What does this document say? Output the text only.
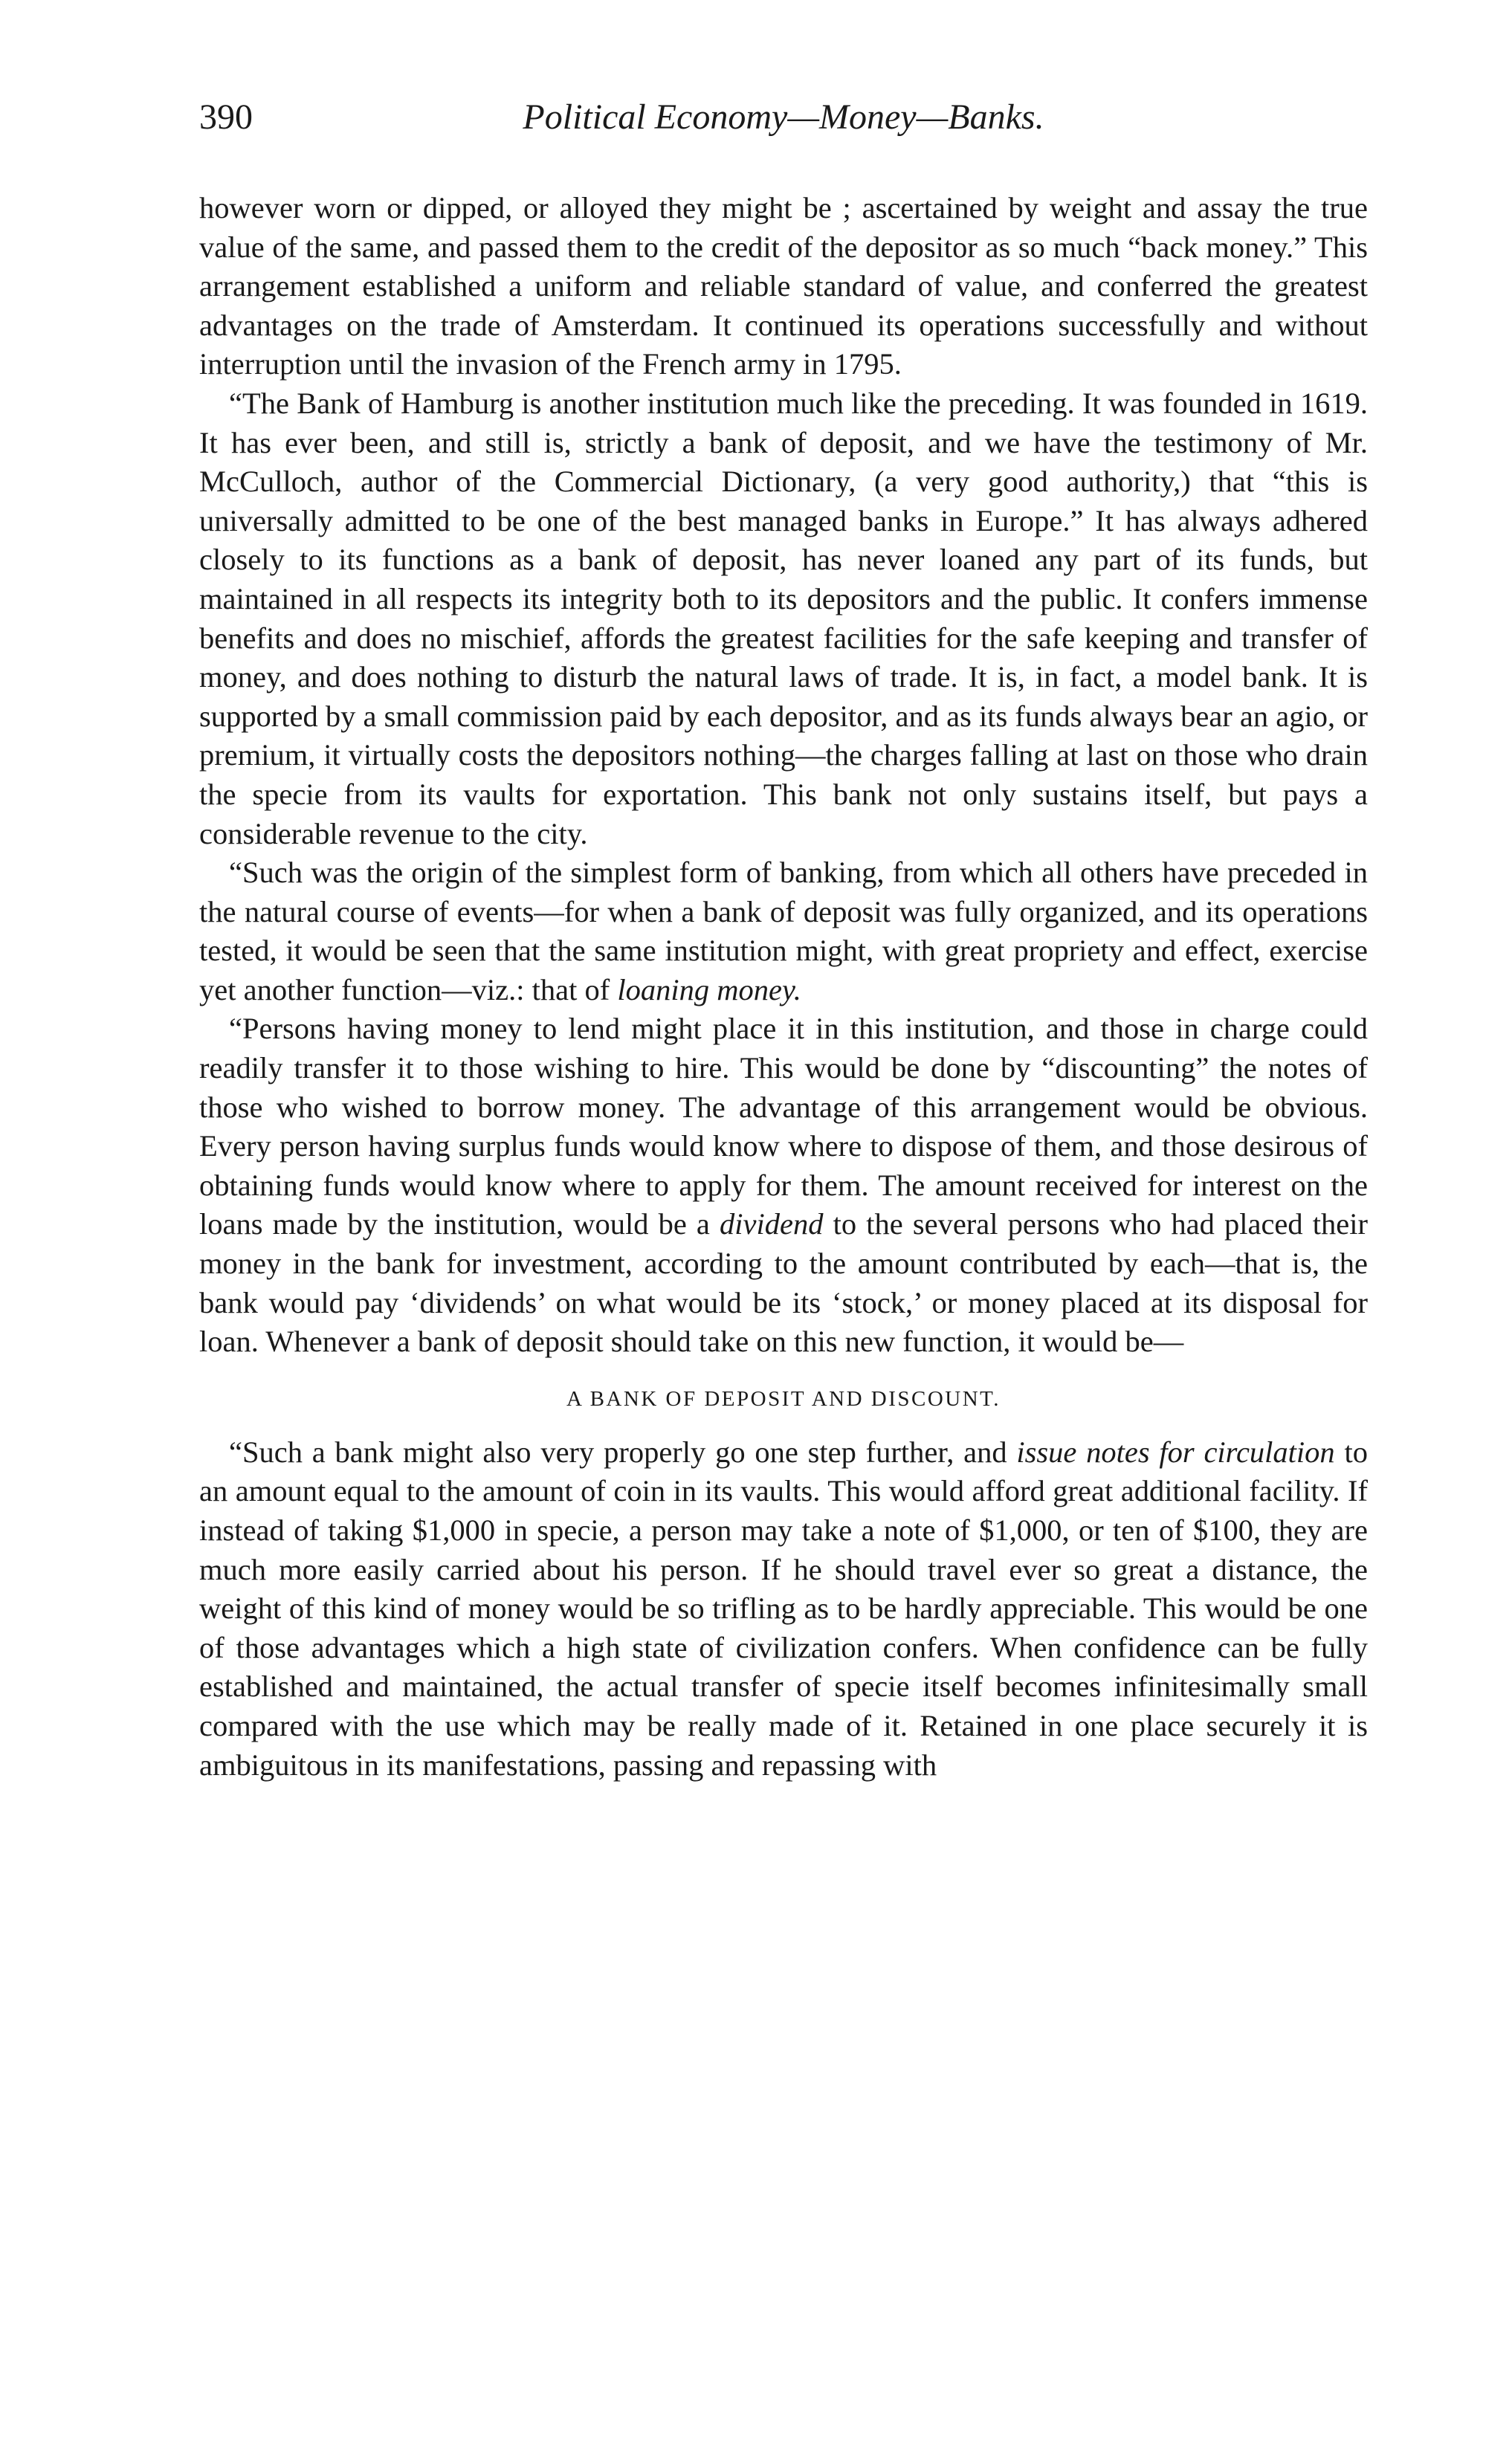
390	Political Economy—Money—Banks.

however worn or dipped, or alloyed they might be ; ascertained by weight and assay the true value of the same, and passed them to the credit of the depositor as so much “back money.” This arrangement established a uniform and reliable standard of value, and conferred the greatest advantages on the trade of Amsterdam. It continued its operations successfully and without interruption until the invasion of the French army in 1795.

“The Bank of Hamburg is another institution much like the preceding. It was founded in 1619. It has ever been, and still is, strictly a bank of deposit, and we have the testimony of Mr. McCulloch, author of the Commercial Dictionary, (a very good authority,) that “this is universally admitted to be one of the best managed banks in Europe.” It has always adhered closely to its functions as a bank of deposit, has never loaned any part of its funds, but maintained in all respects its integrity both to its depositors and the public. It confers immense benefits and does no mischief, affords the greatest facilities for the safe keeping and transfer of money, and does nothing to disturb the natural laws of trade. It is, in fact, a model bank. It is supported by a small commission paid by each depositor, and as its funds always bear an agio, or premium, it virtually costs the depositors nothing—the charges falling at last on those who drain the specie from its vaults for exportation. This bank not only sustains itself, but pays a considerable revenue to the city.

“Such was the origin of the simplest form of banking, from which all others have preceded in the natural course of events—for when a bank of deposit was fully organized, and its operations tested, it would be seen that the same institution might, with great propriety and effect, exercise yet another function—viz.: that of loaning money.

“Persons having money to lend might place it in this institution, and those in charge could readily transfer it to those wishing to hire. This would be done by “discounting” the notes of those who wished to borrow money. The advantage of this arrangement would be obvious. Every person having surplus funds would know where to dispose of them, and those desirous of obtaining funds would know where to apply for them. The amount received for interest on the loans made by the institution, would be a dividend to the several persons who had placed their money in the bank for investment, according to the amount contributed by each—that is, the bank would pay ‘dividends’ on what would be its ‘stock,’ or money placed at its disposal for loan. Whenever a bank of deposit should take on this new function, it would be—

A BANK OF DEPOSIT AND DISCOUNT.

“Such a bank might also very properly go one step further, and issue notes for circulation to an amount equal to the amount of coin in its vaults. This would afford great additional facility. If instead of taking $1,000 in specie, a person may take a note of $1,000, or ten of $100, they are much more easily carried about his person. If he should travel ever so great a distance, the weight of this kind of money would be so trifling as to be hardly appreciable. This would be one of those advantages which a high state of civilization confers. When confidence can be fully established and maintained, the actual transfer of specie itself becomes infinitesimally small compared with the use which may be really made of it. Retained in one place securely it is ambiguitous in its manifestations, passing and repassing with
